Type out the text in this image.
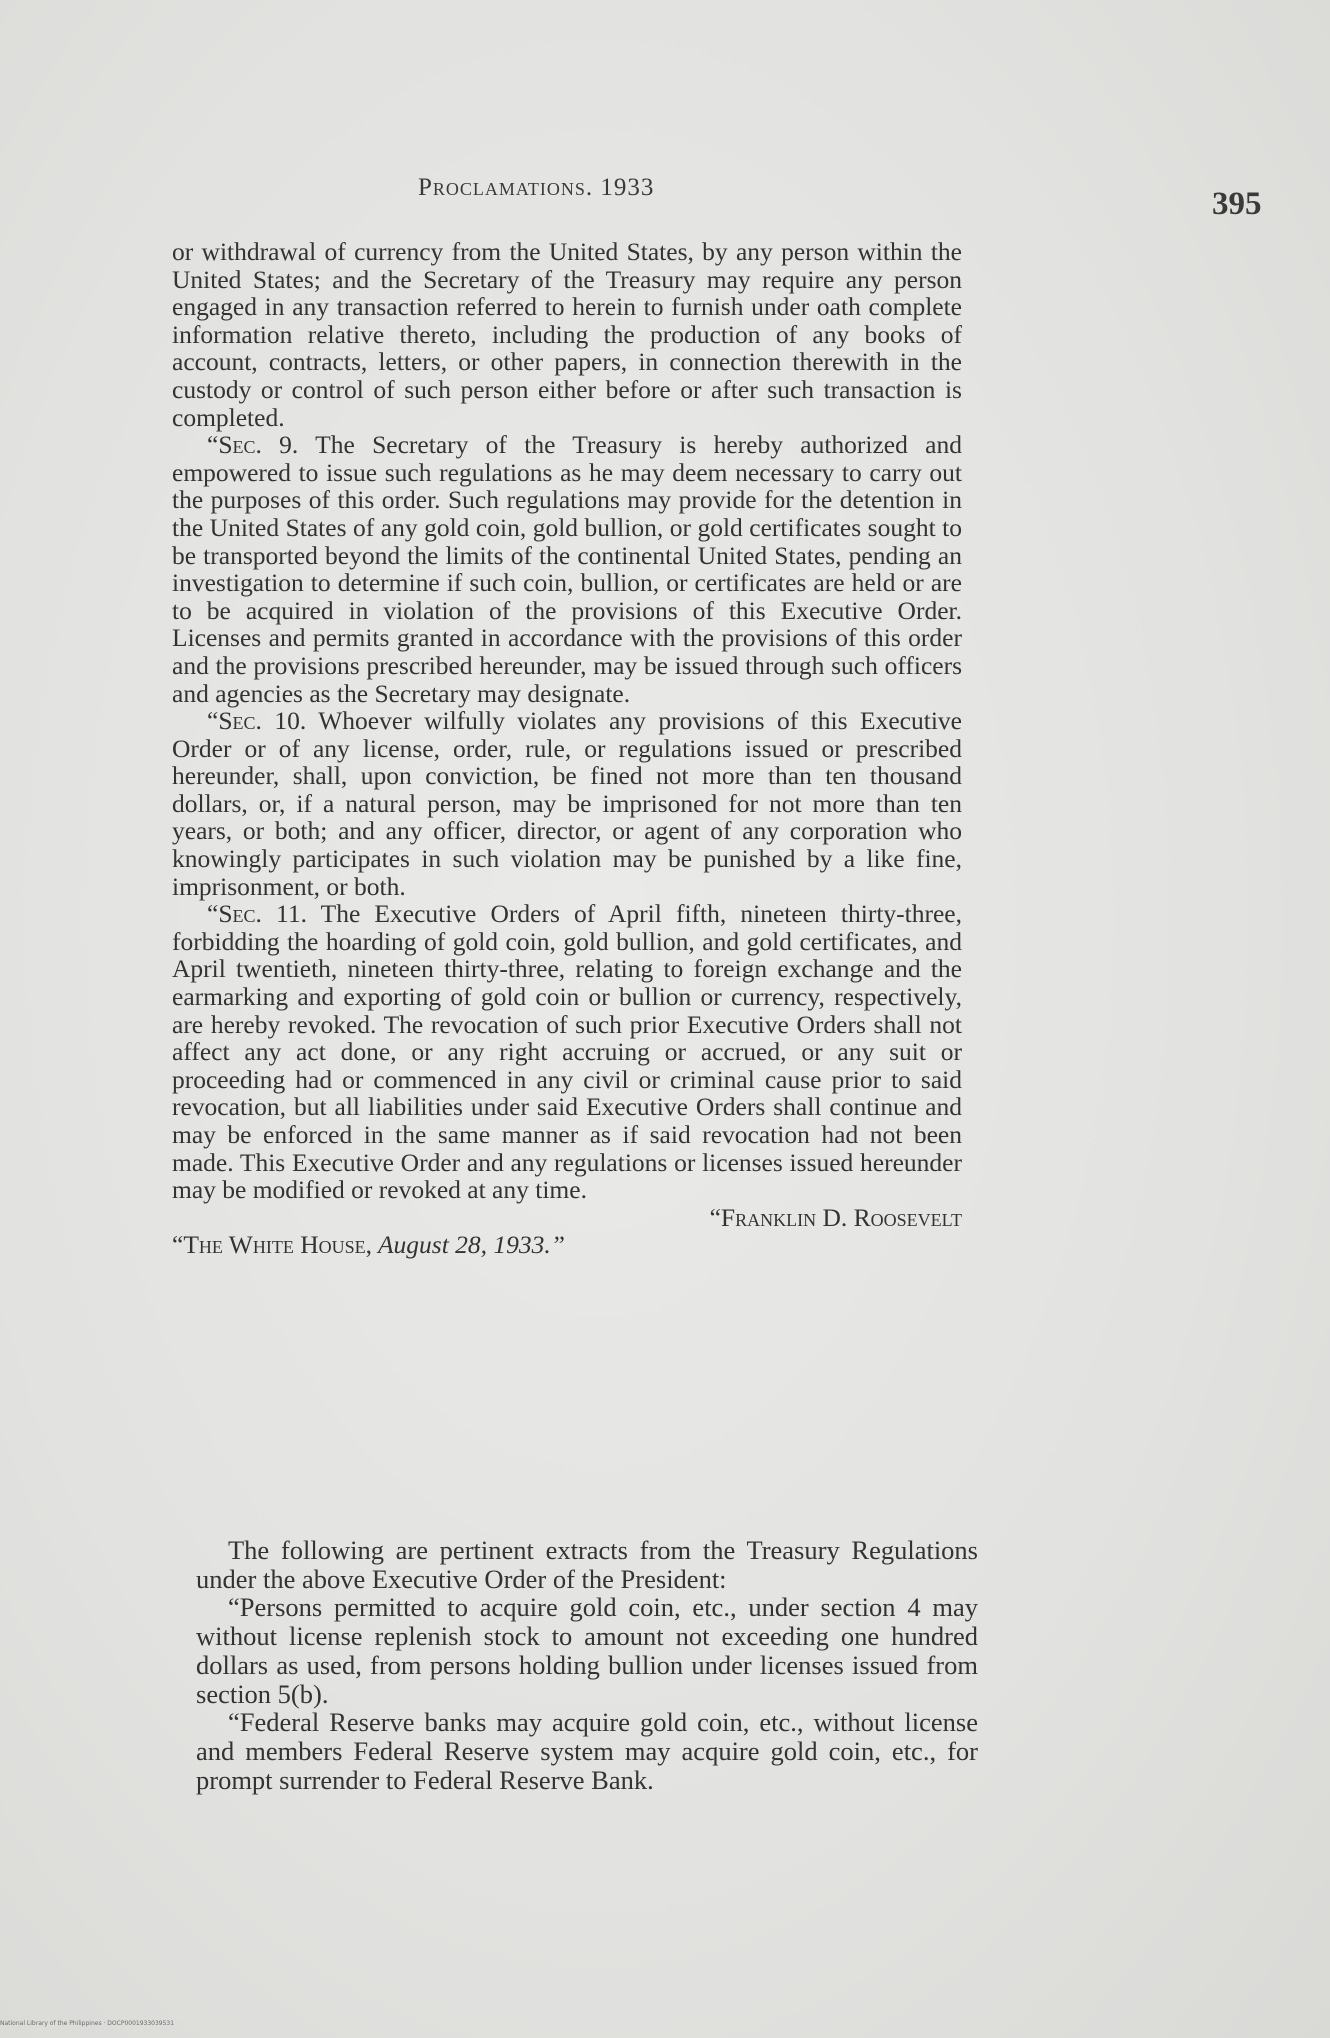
Proclamations. 1933	395

or withdrawal of currency from the United States, by any person within the United States; and the Secretary of the Treasury may require any person engaged in any transaction referred to herein to furnish under oath complete information relative thereto, including the production of any books of account, contracts, letters, or other papers, in connection therewith in the custody or control of such person either before or after such transaction is completed.

“Sec. 9. The Secretary of the Treasury is hereby authorized and empowered to issue such regulations as he may deem necessary to carry out the purposes of this order. Such regulations may provide for the detention in the United States of any gold coin, gold bullion, or gold certificates sought to be transported beyond the limits of the continental United States, pending an investigation to determine if such coin, bullion, or certificates are held or are to be acquired in violation of the provisions of this Executive Order. Licenses and permits granted in accordance with the provisions of this order and the provisions prescribed hereunder, may be issued through such officers and agencies as the Secretary may designate.

“Sec. 10. Whoever wilfully violates any provisions of this Executive Order or of any license, order, rule, or regulations issued or prescribed hereunder, shall, upon conviction, be fined not more than ten thousand dollars, or, if a natural person, may be imprisoned for not more than ten years, or both; and any officer, director, or agent of any corporation who knowingly participates in such violation may be punished by a like fine, imprisonment, or both.

“Sec. 11. The Executive Orders of April fifth, nineteen thirty-three, forbidding the hoarding of gold coin, gold bullion, and gold certificates, and April twentieth, nineteen thirty-three, relating to foreign exchange and the earmarking and exporting of gold coin or bullion or currency, respectively, are hereby revoked. The revocation of such prior Executive Orders shall not affect any act done, or any right accruing or accrued, or any suit or proceeding had or commenced in any civil or criminal cause prior to said revocation, but all liabilities under said Executive Orders shall continue and may be enforced in the same manner as if said revocation had not been made. This Executive Order and any regulations or licenses issued hereunder may be modified or revoked at any time.

“Franklin D. Roosevelt

“The White House, August 28, 1933.”

The following are pertinent extracts from the Treasury Regulations under the above Executive Order of the President:

“Persons permitted to acquire gold coin, etc., under section 4 may without license replenish stock to amount not exceeding one hundred dollars as used, from persons holding bullion under licenses issued from section 5(b).

“Federal Reserve banks may acquire gold coin, etc., without license and members Federal Reserve system may acquire gold coin, etc., for prompt surrender to Federal Reserve Bank.

National Library of the Philippines · DOCP0001933039531
